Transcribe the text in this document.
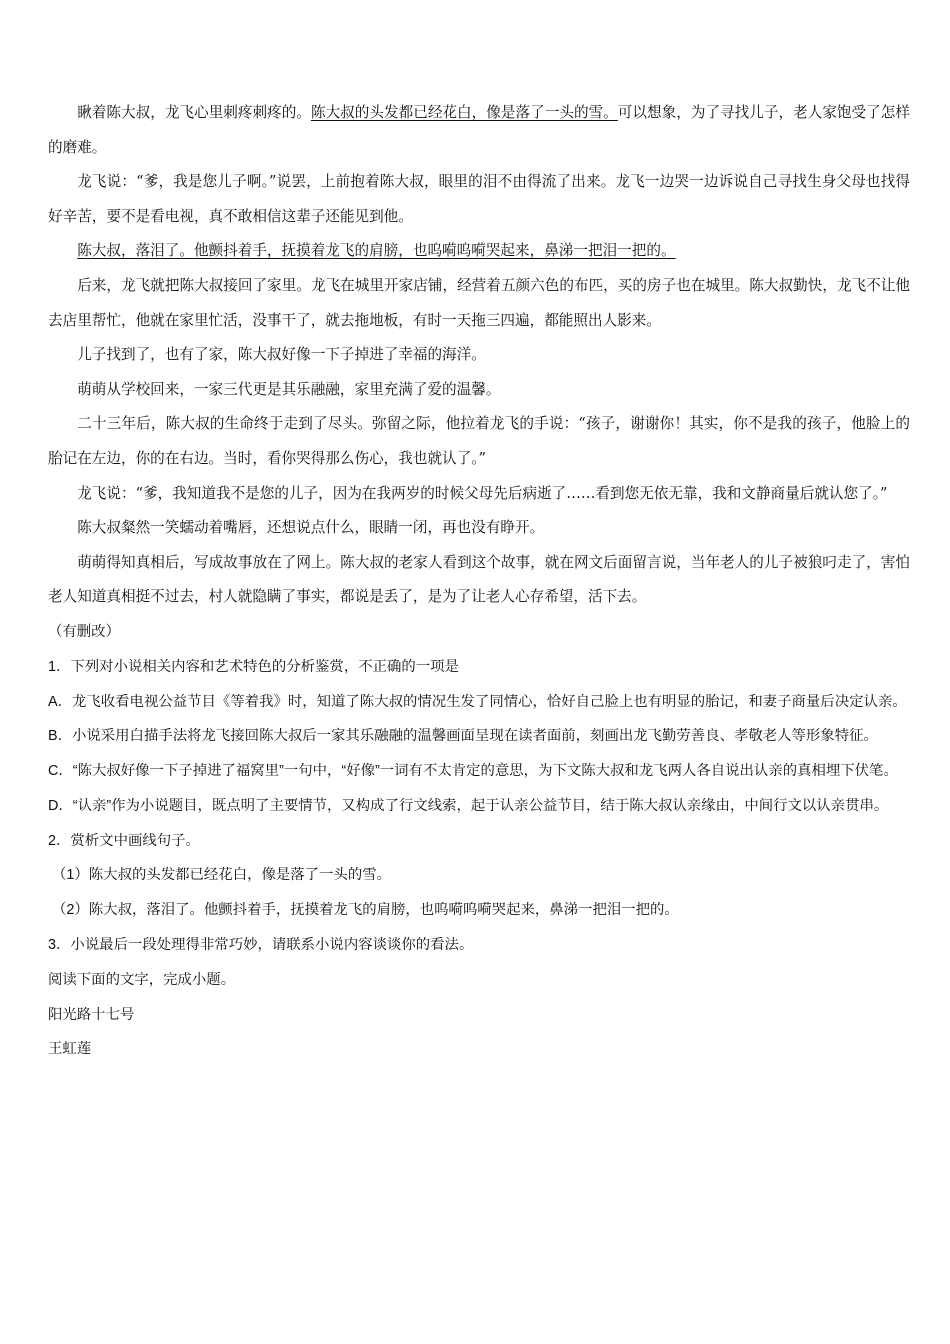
瞅着陈大叔，龙飞心里刺疼刺疼的。陈大叔的头发都已经花白，像是落了一头的雪。可以想象，为了寻找儿子，老人家饱受了怎样的磨难。

龙飞说：“爹，我是您儿子啊。”说罢，上前抱着陈大叔，眼里的泪不由得流了出来。龙飞一边哭一边诉说自己寻找生身父母也找得好辛苦，要不是看电视，真不敢相信这辈子还能见到他。

陈大叔，落泪了。他颤抖着手，抚摸着龙飞的肩膀，也呜嗬呜嗬哭起来，鼻涕一把泪一把的。

后来，龙飞就把陈大叔接回了家里。龙飞在城里开家店铺，经营着五颜六色的布匹，买的房子也在城里。陈大叔勤快，龙飞不让他去店里帮忙，他就在家里忙活，没事干了，就去拖地板，有时一天拖三四遍，都能照出人影来。

儿子找到了，也有了家，陈大叔好像一下子掉进了幸福的海洋。

萌萌从学校回来，一家三代更是其乐融融，家里充满了爱的温馨。

二十三年后，陈大叔的生命终于走到了尽头。弥留之际，他拉着龙飞的手说：“孩子，谢谢你！其实，你不是我的孩子，他脸上的胎记在左边，你的在右边。当时，看你哭得那么伤心，我也就认了。”

龙飞说：“爹，我知道我不是您的儿子，因为在我两岁的时候父母先后病逝了……看到您无依无靠，我和文静商量后就认您了。”

陈大叔粲然一笑蠕动着嘴唇，还想说点什么，眼睛一闭，再也没有睁开。

萌萌得知真相后，写成故事放在了网上。陈大叔的老家人看到这个故事，就在网文后面留言说，当年老人的儿子被狼叼走了，害怕老人知道真相挺不过去，村人就隐瞒了事实，都说是丢了，是为了让老人心存希望，活下去。

（有删改）

1．下列对小说相关内容和艺术特色的分析鉴赏，不正确的一项是

A．龙飞收看电视公益节目《等着我》时，知道了陈大叔的情况生发了同情心，恰好自己脸上也有明显的胎记，和妻子商量后决定认亲。

B．小说采用白描手法将龙飞接回陈大叔后一家其乐融融的温馨画面呈现在读者面前，刻画出龙飞勤劳善良、孝敬老人等形象特征。

C．“陈大叔好像一下子掉进了福窝里”一句中，“好像”一词有不太肯定的意思，为下文陈大叔和龙飞两人各自说出认亲的真相埋下伏笔。

D．“认亲”作为小说题目，既点明了主要情节，又构成了行文线索，起于认亲公益节目，结于陈大叔认亲缘由，中间行文以认亲贯串。

2．赏析文中画线句子。

（1）陈大叔的头发都已经花白，像是落了一头的雪。

（2）陈大叔，落泪了。他颤抖着手，抚摸着龙飞的肩膀，也呜嗬呜嗬哭起来，鼻涕一把泪一把的。

3．小说最后一段处理得非常巧妙，请联系小说内容谈谈你的看法。

阅读下面的文字，完成小题。

阳光路十七号

王虹莲
